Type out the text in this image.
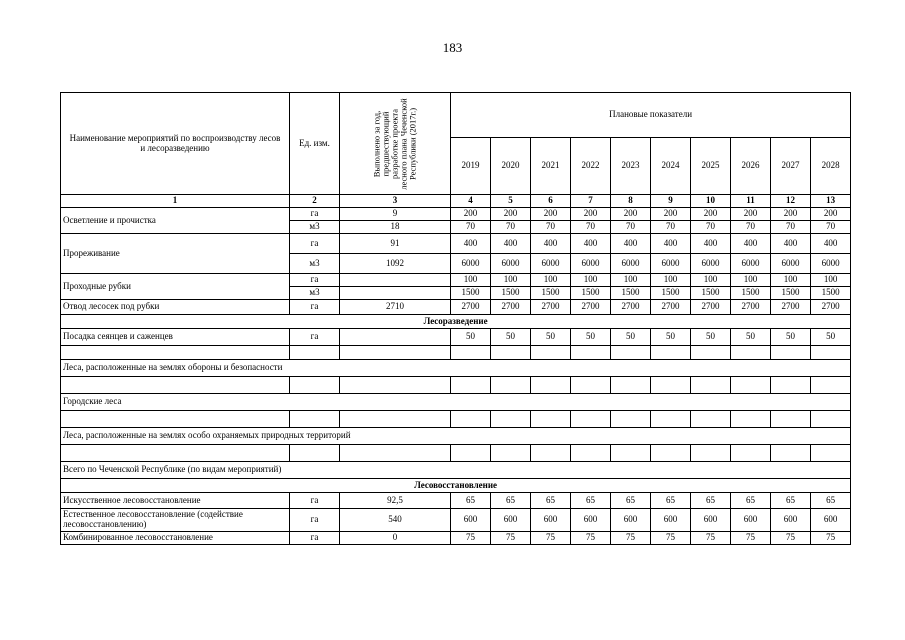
183
Наименование мероприятий по воспроизводству лесов и лесоразведению	Ед. изм.	Выполнено за год, предшествующий разработке проекта лесного плана Чеченской Республики (2017г.)	Плановые показатели									
			2019	2020	2021	2022	2023	2024	2025	2026	2027	2028
1	2	3	4	5	6	7	8	9	10	11	12	13
Осветление и прочистка	га	9	200	200	200	200	200	200	200	200	200	200
	м3	18	70	70	70	70	70	70	70	70	70	70
Прореживание	га	91	400	400	400	400	400	400	400	400	400	400
	м3	1092	6000	6000	6000	6000	6000	6000	6000	6000	6000	6000
Проходные рубки	га		100	100	100	100	100	100	100	100	100	100
	м3		1500	1500	1500	1500	1500	1500	1500	1500	1500	1500
Отвод лесосек под рубки	га	2710	2700	2700	2700	2700	2700	2700	2700	2700	2700	2700
Лесоразведение												
Посадка сеянцев и саженцев	га		50	50	50	50	50	50	50	50	50	50

Леса, расположенные на землях обороны и безопасности												

Городские леса												

Леса, расположенные на землях особо охраняемых природных территорий												

Всего по Чеченской Республике (по видам мероприятий)												
Лесовосстановление												
Искусственное лесовосстановление	га	92,5	65	65	65	65	65	65	65	65	65	65
Естественное лесовосстановление (содействие лесовосстановлению)	га	540	600	600	600	600	600	600	600	600	600	600
Комбинированное лесовосстановление	га	0	75	75	75	75	75	75	75	75	75	75
